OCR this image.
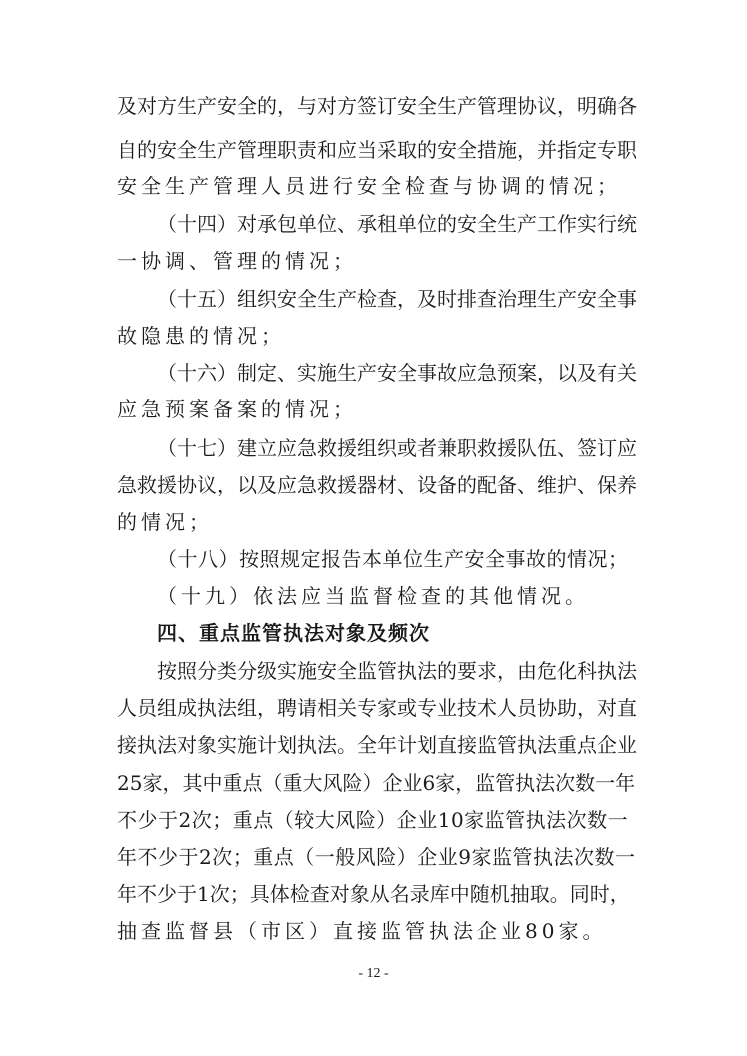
及对方生产安全的，与对方签订安全生产管理协议，明确各
自的安全生产管理职责和应当采取的安全措施，并指定专职
安全生产管理人员进行安全检查与协调的情况；
（十四）对承包单位、承租单位的安全生产工作实行统
一协调、管理的情况；
（十五）组织安全生产检查，及时排查治理生产安全事
故隐患的情况；
（十六）制定、实施生产安全事故应急预案，以及有关
应急预案备案的情况；
（十七）建立应急救援组织或者兼职救援队伍、签订应
急救援协议，以及应急救援器材、设备的配备、维护、保养
的情况；
（十八）按照规定报告本单位生产安全事故的情况；
（十九）依法应当监督检查的其他情况。
四、重点监管执法对象及频次
按照分类分级实施安全监管执法的要求，由危化科执法
人员组成执法组，聘请相关专家或专业技术人员协助，对直
接执法对象实施计划执法。全年计划直接监管执法重点企业
25家，其中重点（重大风险）企业6家，监管执法次数一年
不少于2次；重点（较大风险）企业10家监管执法次数一
年不少于2次；重点（一般风险）企业9家监管执法次数一
年不少于1次；具体检查对象从名录库中随机抽取。同时，
抽查监督县（市区）直接监管执法企业80家。
- 12 -
